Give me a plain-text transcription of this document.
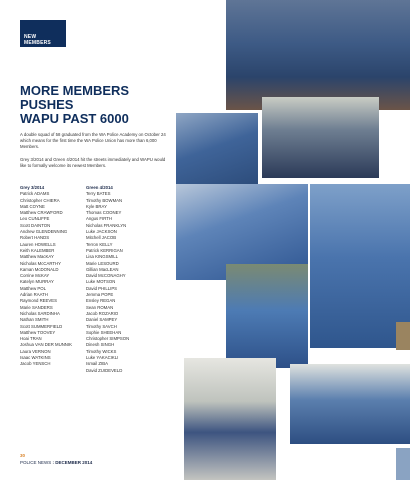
NEW
MEMBERS
MORE MEMBERS PUSHES
WAPU PAST 6000

A double squad of 58 graduated from the WA Police Academy on October 24 which means for the first time the WA Police Union has more than 6,000 Members.

Grey 3/2014 and Green 4/2014 hit the streets immediately and WAPU would like to formally welcome its newest Members.

Grey 3/2014
Patrick ADAMS
Christopher CHIERA
Matt COYNE
Matthew CRAWFORD
Leo CUNLIFFE
Scott DAINTON
Andrew GLENDENNING
Robert HANDS
Lauren HOWELLS
Keith KALEMBER
Matthew MacKAY
Nicholas McCARTHY
Kaman McDONALD
Corrine McKAY
Katelyn MURRAY
Matthew POL
Adrian RAATH
Raymond REEVES
Marie SANDERS
Nicholas SARDINHA
Nathan SMITH
Scott SUMMERFIELD
Matthew TOOVEY
Hoai TRAN
Joshua VAN DER MUNNIK
Laura VERNON
Isaac WATKINS
Jacob YENSCH
Green 4/2014
Terry BATES
Timothy BOWMAN
Kyle BRAY
Thomas COONEY
Angus FIRTH
Nicholas FRANKLYN
Luke JACKSON
Mitchell JACOB
Terron KELLY
Patrick KERRIGAN
Lisa KINGSMILL
Marie LESOURD
Gillian MacLEAN
David McCONAGHY
Luke MOTSON
David PHILLIPS
Jemma POPE
Ensley REGAN
Sean ROMAN
Jacob ROZARIO
Daniel SAMPEY
Timothy SAVCH
Sophie SHEEHAN
Christopher SIMPSON
Dinesh SINGH
Timothy WICKS
Luke YAKACIKLI
Ismail ZIBA
David ZUIDEVELD
30
POLICE NEWS : DECEMBER 2014
